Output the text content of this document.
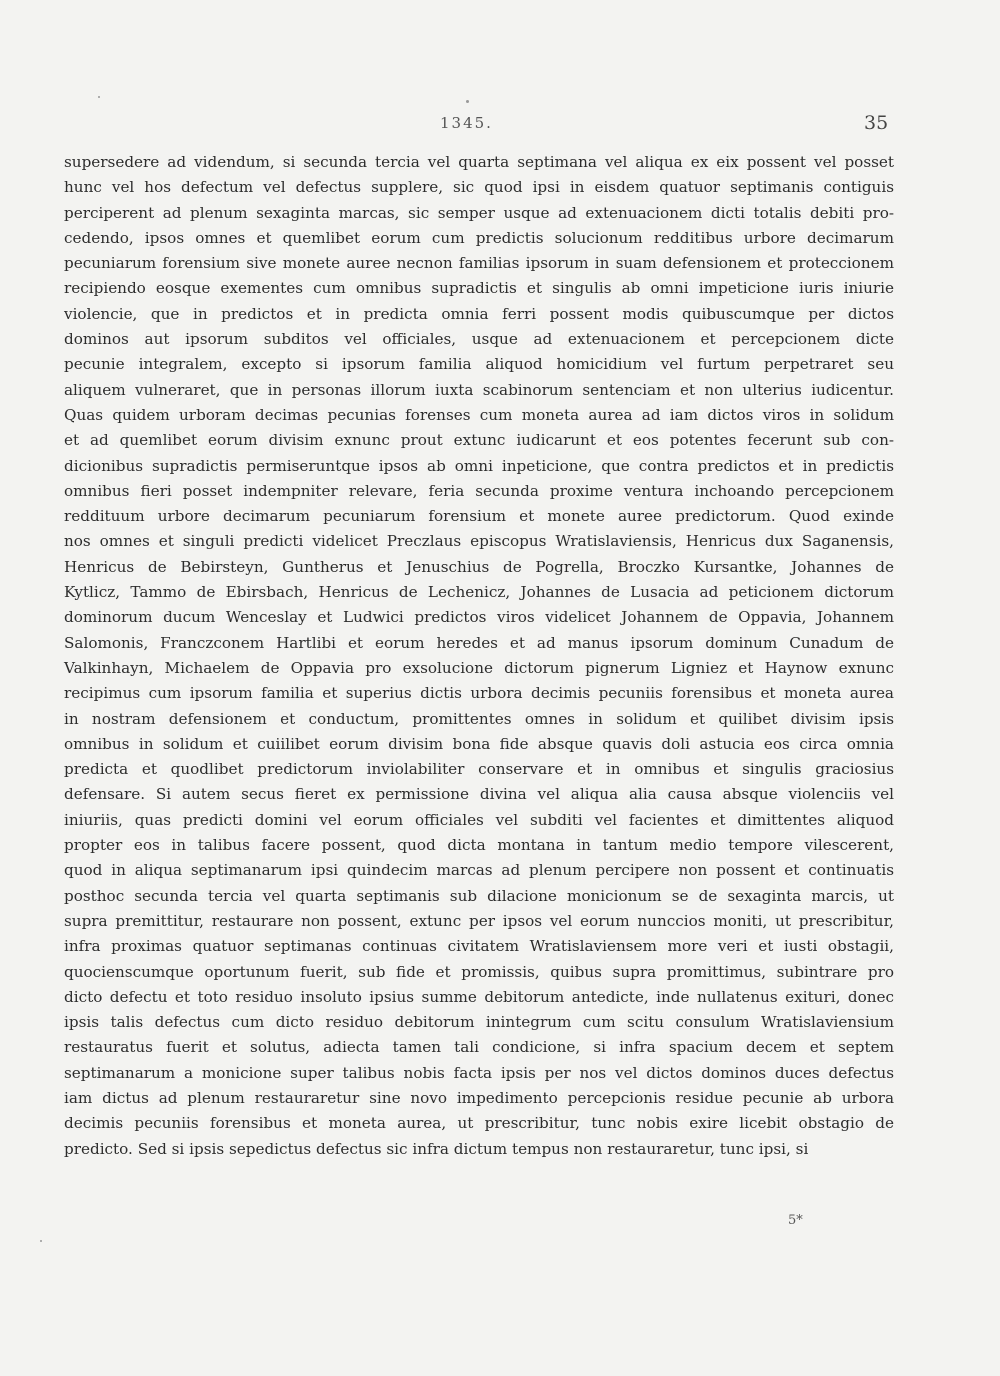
1345.	35
supersedere ad videndum, si secunda tercia vel quarta septimana vel aliqua ex eix possent vel posset
hunc vel hos defectum vel defectus supplere, sic quod ipsi in eisdem quatuor septimanis contiguis
perciperent ad plenum sexaginta marcas, sic semper usque ad extenuacionem dicti totalis debiti pro-
cedendo, ipsos omnes et quemlibet eorum cum predictis solucionum redditibus urbore decimarum
pecuniarum forensium sive monete auree necnon familias ipsorum in suam defensionem et proteccionem
recipiendo eosque exementes cum omnibus supradictis et singulis ab omni impeticione iuris iniurie
violencie, que in predictos et in predicta omnia ferri possent modis quibuscumque per dictos
dominos aut ipsorum subditos vel officiales, usque ad extenuacionem et percepcionem dicte
pecunie integralem, excepto si ipsorum familia aliquod homicidium vel furtum perpetraret seu
aliquem vulneraret, que in personas illorum iuxta scabinorum sentenciam et non ulterius iudicentur.
Quas quidem urboram decimas pecunias forenses cum moneta aurea ad iam dictos viros in solidum
et ad quemlibet eorum divisim exnunc prout extunc iudicarunt et eos potentes fecerunt sub con-
dicionibus supradictis permiseruntque ipsos ab omni inpeticione, que contra predictos et in predictis
omnibus fieri posset indempniter relevare, feria secunda proxime ventura inchoando percepcionem
reddituum urbore decimarum pecuniarum forensium et monete auree predictorum. Quod exinde
nos omnes et singuli predicti videlicet Preczlaus episcopus Wratislaviensis, Henricus dux Saganensis,
Henricus de Bebirsteyn, Guntherus et Jenuschius de Pogrella, Broczko Kursantke, Johannes de
Kytlicz, Tammo de Ebirsbach, Henricus de Lechenicz, Johannes de Lusacia ad peticionem dictorum
dominorum ducum Wenceslay et Ludwici predictos viros videlicet Johannem de Oppavia, Johannem
Salomonis, Franczconem Hartlibi et eorum heredes et ad manus ipsorum dominum Cunadum de
Valkinhayn, Michaelem de Oppavia pro exsolucione dictorum pignerum Ligniez et Haynow exnunc
recipimus cum ipsorum familia et superius dictis urbora decimis pecuniis forensibus et moneta aurea
in nostram defensionem et conductum, promittentes omnes in solidum et quilibet divisim ipsis
omnibus in solidum et cuiilibet eorum divisim bona fide absque quavis doli astucia eos circa omnia
predicta et quodlibet predictorum inviolabiliter conservare et in omnibus et singulis graciosius
defensare. Si autem secus fieret ex permissione divina vel aliqua alia causa absque violenciis vel
iniuriis, quas predicti domini vel eorum officiales vel subditi vel facientes et dimittentes aliquod
propter eos in talibus facere possent, quod dicta montana in tantum medio tempore vilescerent,
quod in aliqua septimanarum ipsi quindecim marcas ad plenum percipere non possent et continuatis
posthoc secunda tercia vel quarta septimanis sub dilacione monicionum se de sexaginta marcis, ut
supra premittitur, restaurare non possent, extunc per ipsos vel eorum nunccios moniti, ut prescribitur,
infra proximas quatuor septimanas continuas civitatem Wratislaviensem more veri et iusti obstagii,
quocienscumque oportunum fuerit, sub fide et promissis, quibus supra promittimus, subintrare pro
dicto defectu et toto residuo insoluto ipsius summe debitorum antedicte, inde nullatenus exituri, donec
ipsis talis defectus cum dicto residuo debitorum inintegrum cum scitu consulum Wratislaviensium
restauratus fuerit et solutus, adiecta tamen tali condicione, si infra spacium decem et septem
septimanarum a monicione super talibus nobis facta ipsis per nos vel dictos dominos duces defectus
iam dictus ad plenum restauraretur sine novo impedimento percepcionis residue pecunie ab urbora
decimis pecuniis forensibus et moneta aurea, ut prescribitur, tunc nobis exire licebit obstagio de
predicto. Sed si ipsis sepedictus defectus sic infra dictum tempus non restauraretur, tunc ipsi, si
5*
